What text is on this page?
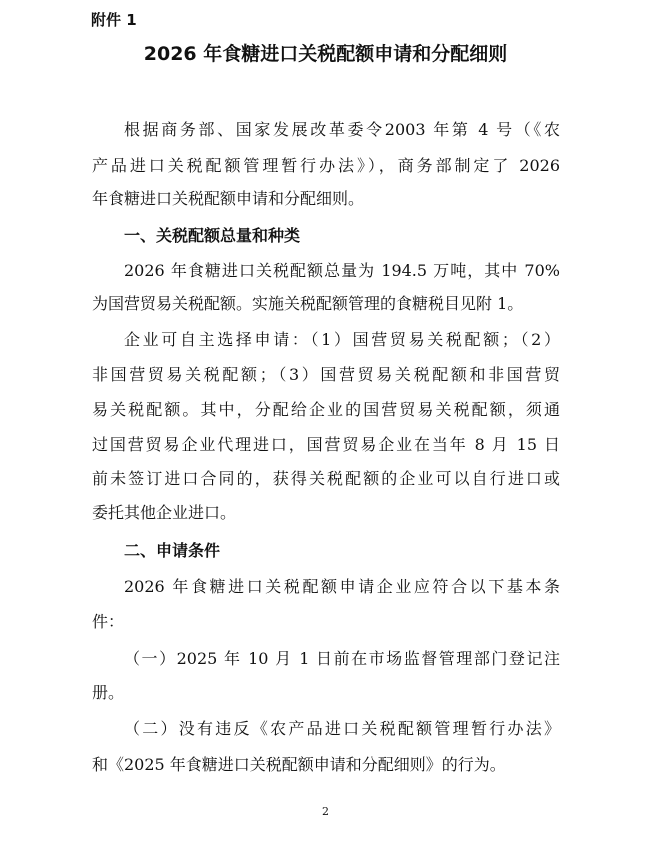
附件 1
2026 年食糖进口关税配额申请和分配细则
根据商务部、国家发展改革委令2003 年第 4 号（《农
产品进口关税配额管理暂行办法》），商务部制定了 2026
年食糖进口关税配额申请和分配细则。
一、关税配额总量和种类
2026 年食糖进口关税配额总量为 194.5 万吨，其中 70%
为国营贸易关税配额。实施关税配额管理的食糖税目见附 1。
企业可自主选择申请：（1）国营贸易关税配额；（2）
非国营贸易关税配额；（3）国营贸易关税配额和非国营贸
易关税配额。其中，分配给企业的国营贸易关税配额，须通
过国营贸易企业代理进口，国营贸易企业在当年 8 月 15 日
前未签订进口合同的，获得关税配额的企业可以自行进口或
委托其他企业进口。
二、申请条件
2026 年食糖进口关税配额申请企业应符合以下基本条
件：
（一）2025 年 10 月 1 日前在市场监督管理部门登记注
册。
（二）没有违反《农产品进口关税配额管理暂行办法》
和《2025 年食糖进口关税配额申请和分配细则》的行为。
2
